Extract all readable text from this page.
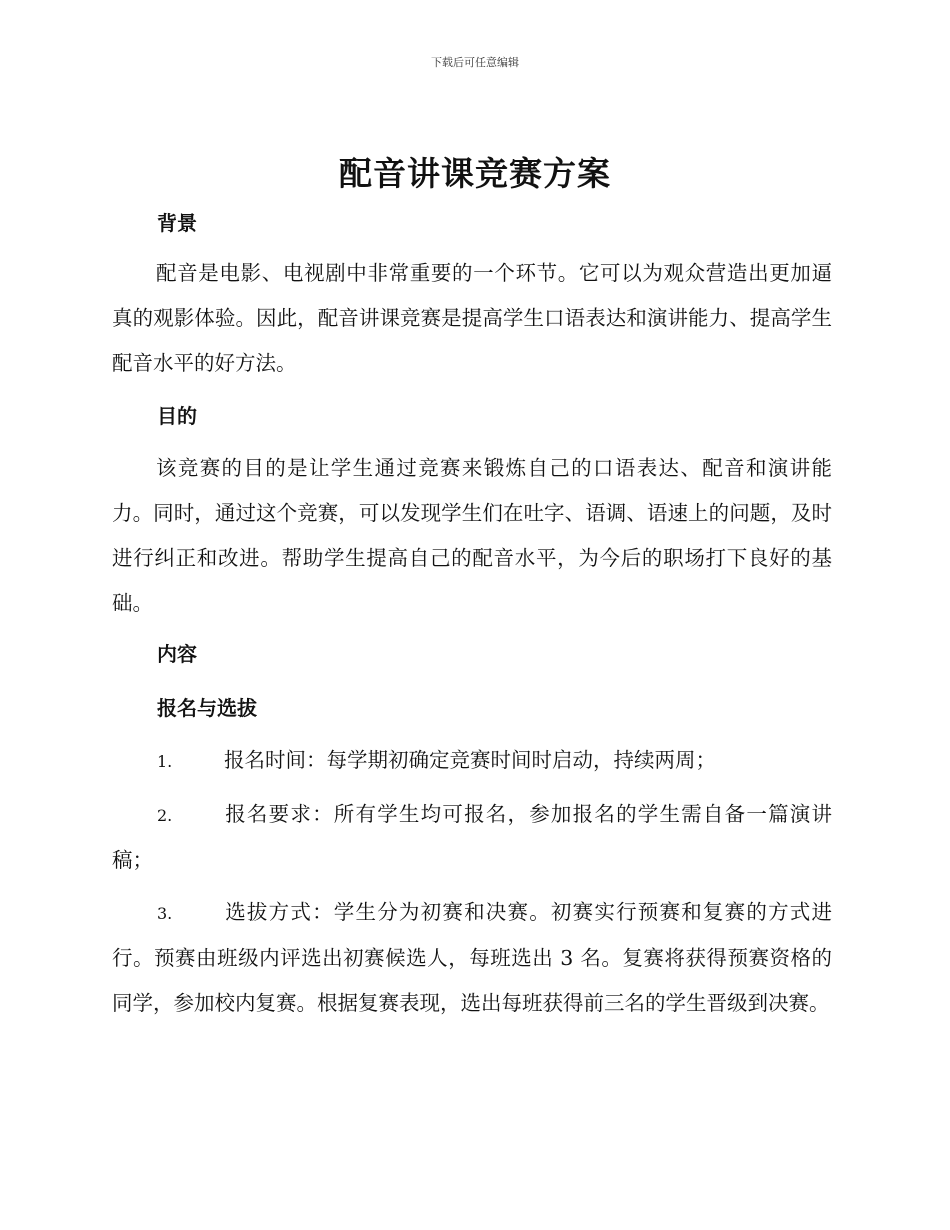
下载后可任意编辑
配音讲课竞赛方案
背景

配音是电影、电视剧中非常重要的一个环节。它可以为观众营造出更加逼真的观影体验。因此，配音讲课竞赛是提高学生口语表达和演讲能力、提高学生配音水平的好方法。

目的

该竞赛的目的是让学生通过竞赛来锻炼自己的口语表达、配音和演讲能力。同时，通过这个竞赛，可以发现学生们在吐字、语调、语速上的问题，及时进行纠正和改进。帮助学生提高自己的配音水平，为今后的职场打下良好的基础。

内容
报名与选拔

1.	报名时间：每学期初确定竞赛时间时启动，持续两周；

2.	报名要求：所有学生均可报名，参加报名的学生需自备一篇演讲稿；

3.	选拔方式：学生分为初赛和决赛。初赛实行预赛和复赛的方式进行。预赛由班级内评选出初赛候选人，每班选出 3 名。复赛将获得预赛资格的同学，参加校内复赛。根据复赛表现，选出每班获得前三名的学生晋级到决赛。
